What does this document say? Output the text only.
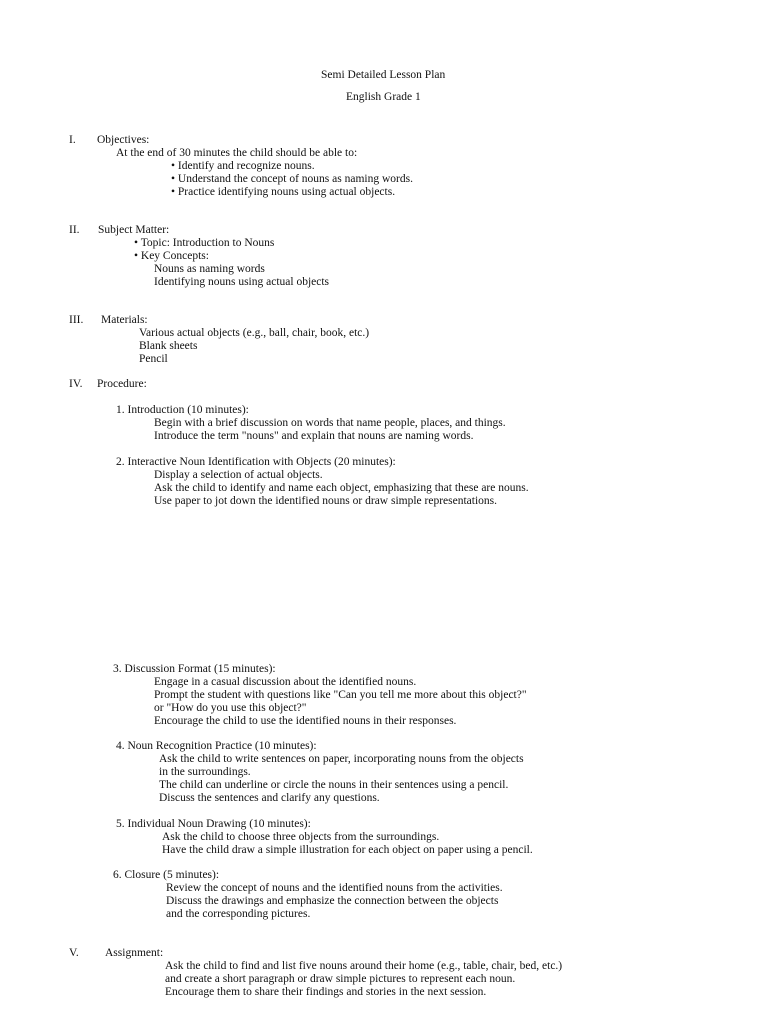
Semi Detailed Lesson Plan
English Grade 1
I. Objectives:
At the end of 30 minutes the child should be able to:
• Identify and recognize nouns.
• Understand the concept of nouns as naming words.
• Practice identifying nouns using actual objects.
II. Subject Matter:
• Topic: Introduction to Nouns
• Key Concepts:
Nouns as naming words
Identifying nouns using actual objects
III. Materials:
Various actual objects (e.g., ball, chair, book, etc.)
Blank sheets
Pencil
IV. Procedure:
1. Introduction (10 minutes):
Begin with a brief discussion on words that name people, places, and things.
Introduce the term "nouns" and explain that nouns are naming words.
2. Interactive Noun Identification with Objects (20 minutes):
Display a selection of actual objects.
Ask the child to identify and name each object, emphasizing that these are nouns.
Use paper to jot down the identified nouns or draw simple representations.
3. Discussion Format (15 minutes):
Engage in a casual discussion about the identified nouns.
Prompt the student with questions like "Can you tell me more about this object?"
or "How do you use this object?"
Encourage the child to use the identified nouns in their responses.
4. Noun Recognition Practice (10 minutes):
Ask the child to write sentences on paper, incorporating nouns from the objects
in the surroundings.
The child can underline or circle the nouns in their sentences using a pencil.
Discuss the sentences and clarify any questions.
5. Individual Noun Drawing (10 minutes):
Ask the child to choose three objects from the surroundings.
Have the child draw a simple illustration for each object on paper using a pencil.
6. Closure (5 minutes):
Review the concept of nouns and the identified nouns from the activities.
Discuss the drawings and emphasize the connection between the objects
and the corresponding pictures.
V. Assignment:
Ask the child to find and list five nouns around their home (e.g., table, chair, bed, etc.)
and create a short paragraph or draw simple pictures to represent each noun.
Encourage them to share their findings and stories in the next session.
